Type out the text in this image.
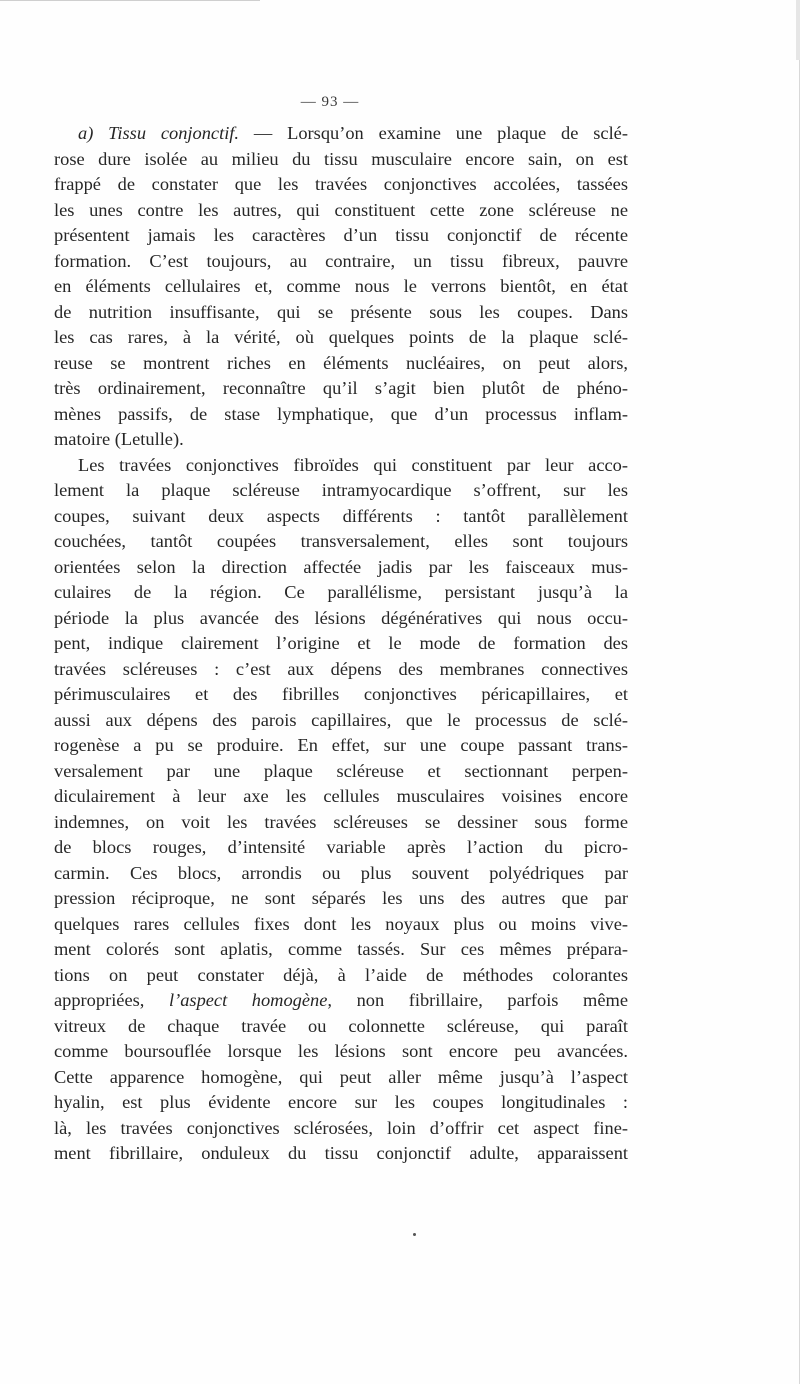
— 93 —
a) Tissu conjonctif. — Lorsqu’on examine une plaque de sclé-
rose dure isolée au milieu du tissu musculaire encore sain, on est
frappé de constater que les travées conjonctives accolées, tassées
les unes contre les autres, qui constituent cette zone scléreuse ne
présentent jamais les caractères d’un tissu conjonctif de récente
formation. C’est toujours, au contraire, un tissu fibreux, pauvre
en éléments cellulaires et, comme nous le verrons bientôt, en état
de nutrition insuffisante, qui se présente sous les coupes. Dans
les cas rares, à la vérité, où quelques points de la plaque sclé-
reuse se montrent riches en éléments nucléaires, on peut alors,
très ordinairement, reconnaître qu’il s’agit bien plutôt de phéno-
mènes passifs, de stase lymphatique, que d’un processus inflam-
matoire (Letulle).
Les travées conjonctives fibroïdes qui constituent par leur acco-
lement la plaque scléreuse intramyocardique s’offrent, sur les
coupes, suivant deux aspects différents : tantôt parallèlement
couchées, tantôt coupées transversalement, elles sont toujours
orientées selon la direction affectée jadis par les faisceaux mus-
culaires de la région. Ce parallélisme, persistant jusqu’à la
période la plus avancée des lésions dégénératives qui nous occu-
pent, indique clairement l’origine et le mode de formation des
travées scléreuses : c’est aux dépens des membranes connectives
périmusculaires et des fibrilles conjonctives péricapillaires, et
aussi aux dépens des parois capillaires, que le processus de sclé-
rogenèse a pu se produire. En effet, sur une coupe passant trans-
versalement par une plaque scléreuse et sectionnant perpen-
diculairement à leur axe les cellules musculaires voisines encore
indemnes, on voit les travées scléreuses se dessiner sous forme
de blocs rouges, d’intensité variable après l’action du picro-
carmin. Ces blocs, arrondis ou plus souvent polyédriques par
pression réciproque, ne sont séparés les uns des autres que par
quelques rares cellules fixes dont les noyaux plus ou moins vive-
ment colorés sont aplatis, comme tassés. Sur ces mêmes prépara-
tions on peut constater déjà, à l’aide de méthodes colorantes
appropriées, l’aspect homogène, non fibrillaire, parfois même
vitreux de chaque travée ou colonnette scléreuse, qui paraît
comme boursouflée lorsque les lésions sont encore peu avancées.
Cette apparence homogène, qui peut aller même jusqu’à l’aspect
hyalin, est plus évidente encore sur les coupes longitudinales :
là, les travées conjonctives sclérosées, loin d’offrir cet aspect fine-
ment fibrillaire, onduleux du tissu conjonctif adulte, apparaissent
